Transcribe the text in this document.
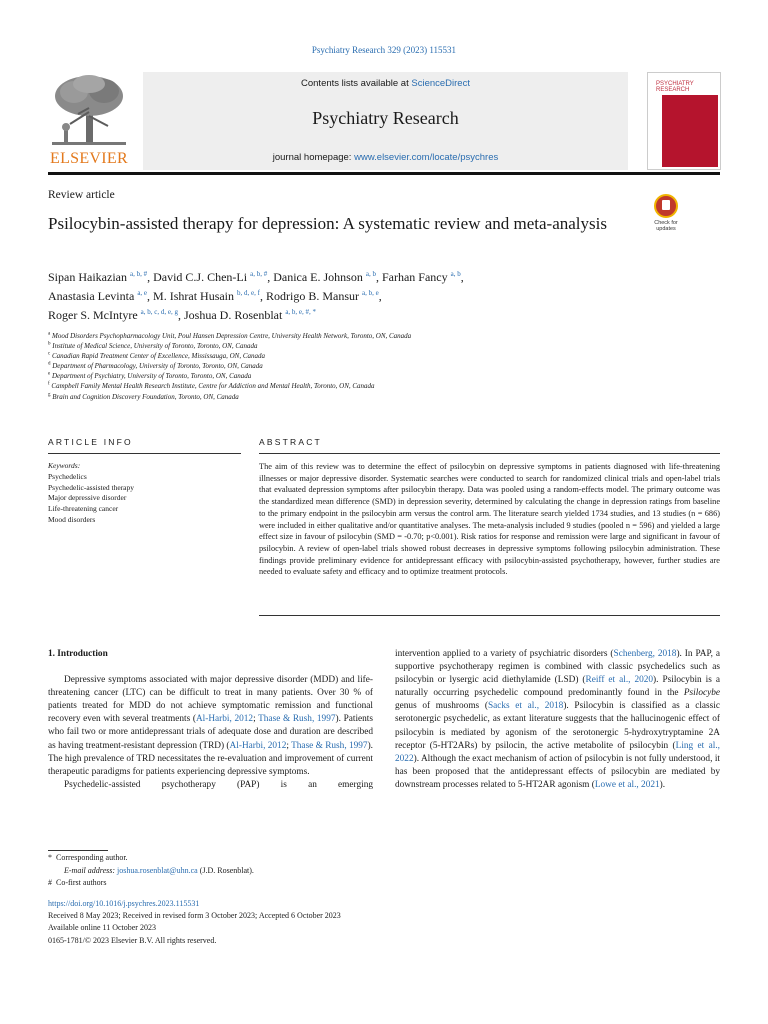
Psychiatry Research 329 (2023) 115531
ELSEVIER
Contents lists available at ScienceDirect
Psychiatry Research
journal homepage: www.elsevier.com/locate/psychres
PSYCHIATRY RESEARCH
Review article
Psilocybin-assisted therapy for depression: A systematic review and meta-analysis	Check for updates
Sipan Haikazian $^{a, b, \#}$, David C.J. Chen-Li $^{a, b, \#}$, Danica E. Johnson $^{a, b}$, Farhan Fancy $^{a, b}$,
Anastasia Levinta $^{a, e}$, M. Ishrat Husain $^{b, d, e, f}$, Rodrigo B. Mansur $^{a, b, e}$,
Roger S. McIntyre $^{a, b, c, d, e, g}$, Joshua D. Rosenblat $^{a, b, e, \#, *}$
$^a$ Mood Disorders Psychopharmacology Unit, Poul Hansen Depression Centre, University Health Network, Toronto, ON, Canada
$^b$ Institute of Medical Science, University of Toronto, Toronto, ON, Canada
$^c$ Canadian Rapid Treatment Center of Excellence, Mississauga, ON, Canada
$^d$ Department of Pharmacology, University of Toronto, Toronto, ON, Canada
$^e$ Department of Psychiatry, University of Toronto, Toronto, ON, Canada
$^f$ Campbell Family Mental Health Research Institute, Centre for Addiction and Mental Health, Toronto, ON, Canada
$^g$ Brain and Cognition Discovery Foundation, Toronto, ON, Canada
ARTICLE INFO	ABSTRACT
Keywords:
Psychedelics
Psychedelic-assisted therapy
Major depressive disorder
Life-threatening cancer
Mood disorders
The aim of this review was to determine the effect of psilocybin on depressive symptoms in patients diagnosed with life-threatening illnesses or major depressive disorder. Systematic searches were conducted to search for randomized clinical trials and open-label trials that evaluated depression symptoms after psilocybin therapy. Data was pooled using a random-effects model. The primary outcome was the standardized mean difference (SMD) in depression severity, determined by calculating the change in depression ratings from baseline to the primary endpoint in the psilocybin arm versus the control arm. The literature search yielded 1734 studies, and 13 studies (n = 686) were included in either qualitative and/or quantitative analyses. The meta-analysis included 9 studies (pooled n = 596) and yielded a large effect size in favour of psilocybin (SMD = -0.70; p<0.001). Risk ratios for response and remission were large and significant in favour of psilocybin. A review of open-label trials showed robust decreases in depressive symptoms following psilocybin administration. These findings provide preliminary evidence for antidepressant efficacy with psilocybin-assisted psychotherapy, however, further studies are needed to evaluate safety and efficacy and to optimize treatment protocols.
1. Introduction

Depressive symptoms associated with major depressive disorder (MDD) and life-threatening cancer (LTC) can be difficult to treat in many patients. Over 30 % of patients treated for MDD do not achieve symptomatic remission and functional recovery even with several treatments (Al-Harbi, 2012; Thase & Rush, 1997). Patients who fail two or more antidepressant trials of adequate dose and duration are described as having treatment-resistant depression (TRD) (Al-Harbi, 2012; Thase & Rush, 1997). The high prevalence of TRD necessitates the re-evaluation and improvement of current therapeutic paradigms for patients experiencing depressive symptoms.

Psychedelic-assisted psychotherapy (PAP) is an emerging

intervention applied to a variety of psychiatric disorders (Schenberg, 2018). In PAP, a supportive psychotherapy regimen is combined with classic psychedelics such as psilocybin or lysergic acid diethylamide (LSD) (Reiff et al., 2020). Psilocybin is a naturally occurring psychedelic compound predominantly found in the Psilocybe genus of mushrooms (Sacks et al., 2018). Psilocybin is classified as a classic serotonergic psychedelic, as extant literature suggests that the hallucinogenic effect of psilocybin is mediated by agonism of the serotonergic 5-hydroxytryptamine 2A receptor (5-HT2ARs) by psilocin, the active metabolite of psilocybin (Ling et al., 2022). Although the exact mechanism of action of psilocybin is not fully understood, it has been proposed that the antidepressant effects of psilocybin are mediated by downstream processes related to 5-HT2AR agonism (Lowe et al., 2021).

* Corresponding author.
E-mail address: joshua.rosenblat@uhn.ca (J.D. Rosenblat).
# Co-first authors
https://doi.org/10.1016/j.psychres.2023.115531
Received 8 May 2023; Received in revised form 3 October 2023; Accepted 6 October 2023
Available online 11 October 2023
0165-1781/© 2023 Elsevier B.V. All rights reserved.
